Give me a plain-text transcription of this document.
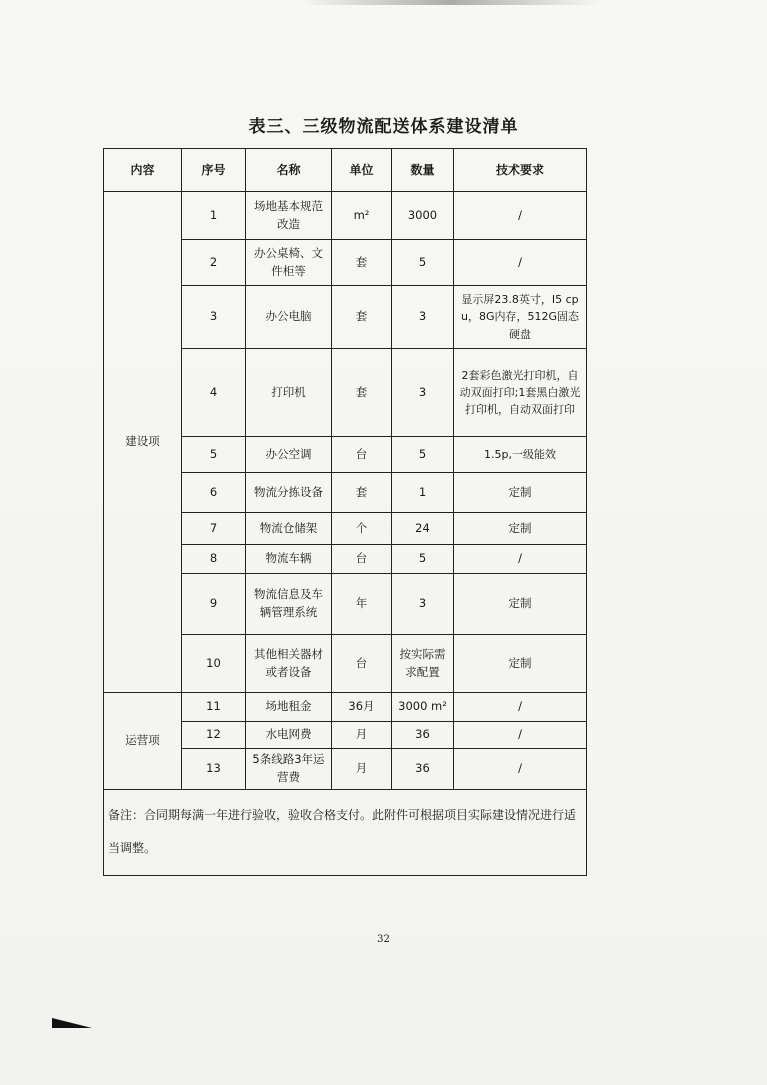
表三、三级物流配送体系建设清单
内容	序号	名称	单位	数量	技术要求
建设项	1	场地基本规范改造	m²	3000	/
	2	办公桌椅、文件柜等	套	5	/
	3	办公电脑	套	3	显示屏23.8英寸，I5 cpu，8G内存，512G固态硬盘
	4	打印机	套	3	2套彩色激光打印机，自动双面打印;1套黑白激光打印机，自动双面打印
	5	办公空调	台	5	1.5p,一级能效
	6	物流分拣设备	套	1	定制
	7	物流仓储架	个	24	定制
	8	物流车辆	台	5	/
	9	物流信息及车辆管理系统	年	3	定制
	10	其他相关器材或者设备	台	按实际需求配置	定制
运营项	11	场地租金	36月	3000 m²	/
	12	水电网费	月	36	/
	13	5条线路3年运营费	月	36	/
备注：合同期每满一年进行验收，验收合格支付。此附件可根据项目实际建设情况进行适当调整。					
32
